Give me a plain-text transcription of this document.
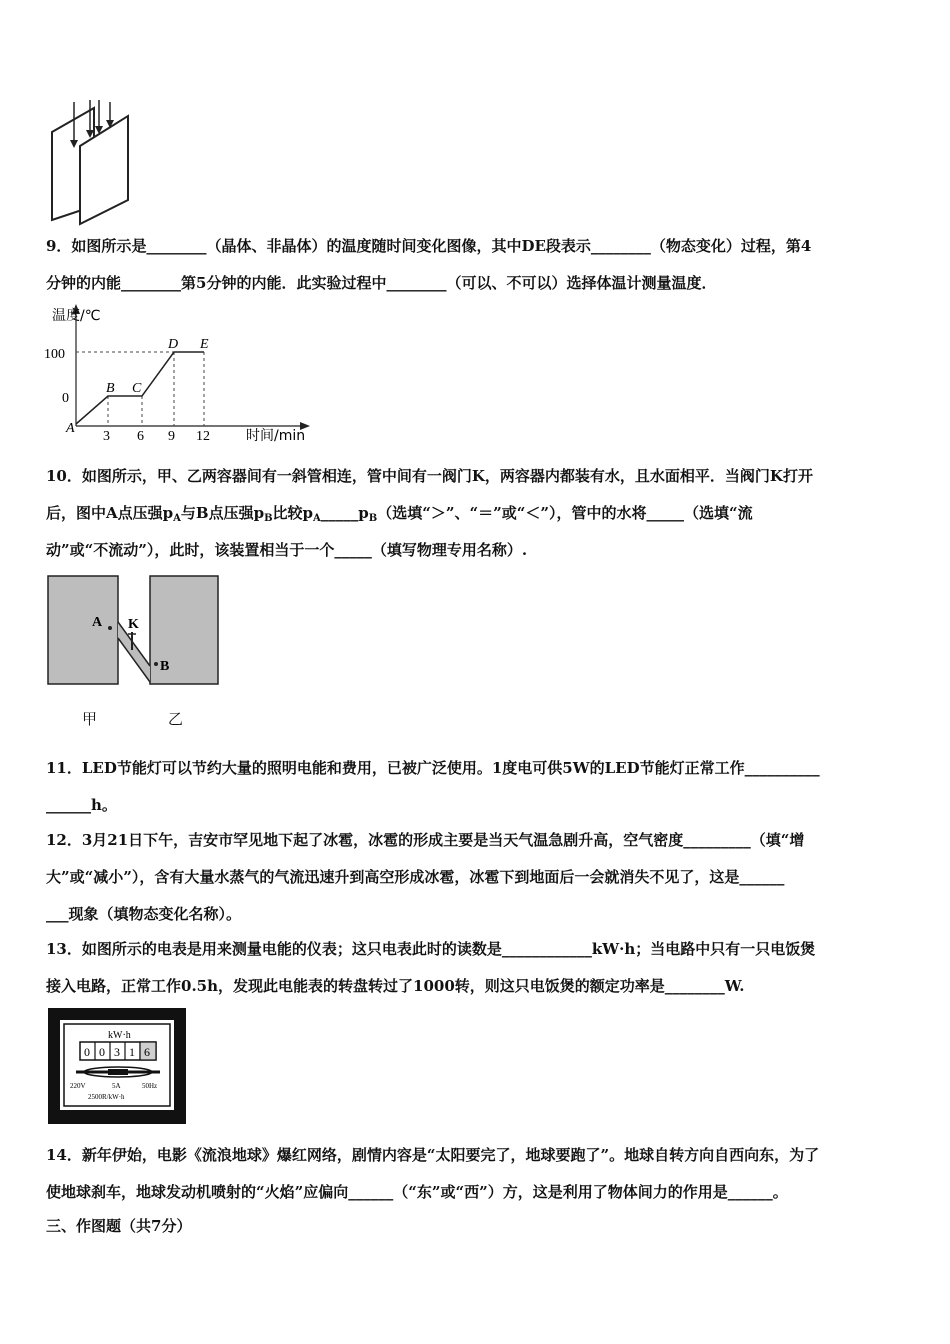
9．如图所示是________（晶体、非晶体）的温度随时间变化图像，其中DE段表示________（物态变化）过程，第4
分钟的内能________第5分钟的内能．此实验过程中________（可以、不可以）选择体温计测量温度．
温度/℃
时间/min
100
0
3 6 9 12
A
B C
D E
10．如图所示，甲、乙两容器间有一斜管相连，管中间有一阀门K，两容器内都装有水，且水面相平．当阀门K打开
后，图中A点压强$p_A$与B点压强$p_B$比较$p_A\_\_\_\_\_p_B$（选填“＞”、“＝”或“＜”），管中的水将_____（选填“流
动”或“不流动”），此时，该装置相当于一个_____（填写物理专用名称）.
A K
B
甲	乙
11．LED节能灯可以节约大量的照明电能和费用，已被广泛使用。1度电可供5W的LED节能灯正常工作__________
______h。
12．3月21日下午，吉安市罕见地下起了冰雹，冰雹的形成主要是当天气温急剧升高，空气密度_________（填“增
大”或“减小”），含有大量水蒸气的气流迅速升到高空形成冰雹，冰雹下到地面后一会就消失不见了，这是______
___现象（填物态变化名称）。
13．如图所示的电表是用来测量电能的仪表；这只电表此时的读数是____________kW·h；当电路中只有一只电饭煲
接入电路，正常工作0.5h，发现此电能表的转盘转过了1000转，则这只电饭煲的额定功率是________W.
kW·h
0 0 3 1 6
220V	5A	50Hz
2500R/kW·h
14．新年伊始，电影《流浪地球》爆红网络，剧情内容是“太阳要完了，地球要跑了”。地球自转方向自西向东，为了
使地球刹车，地球发动机喷射的“火焰”应偏向______（“东”或“西”）方，这是利用了物体间力的作用是______。
三、作图题（共7分）
